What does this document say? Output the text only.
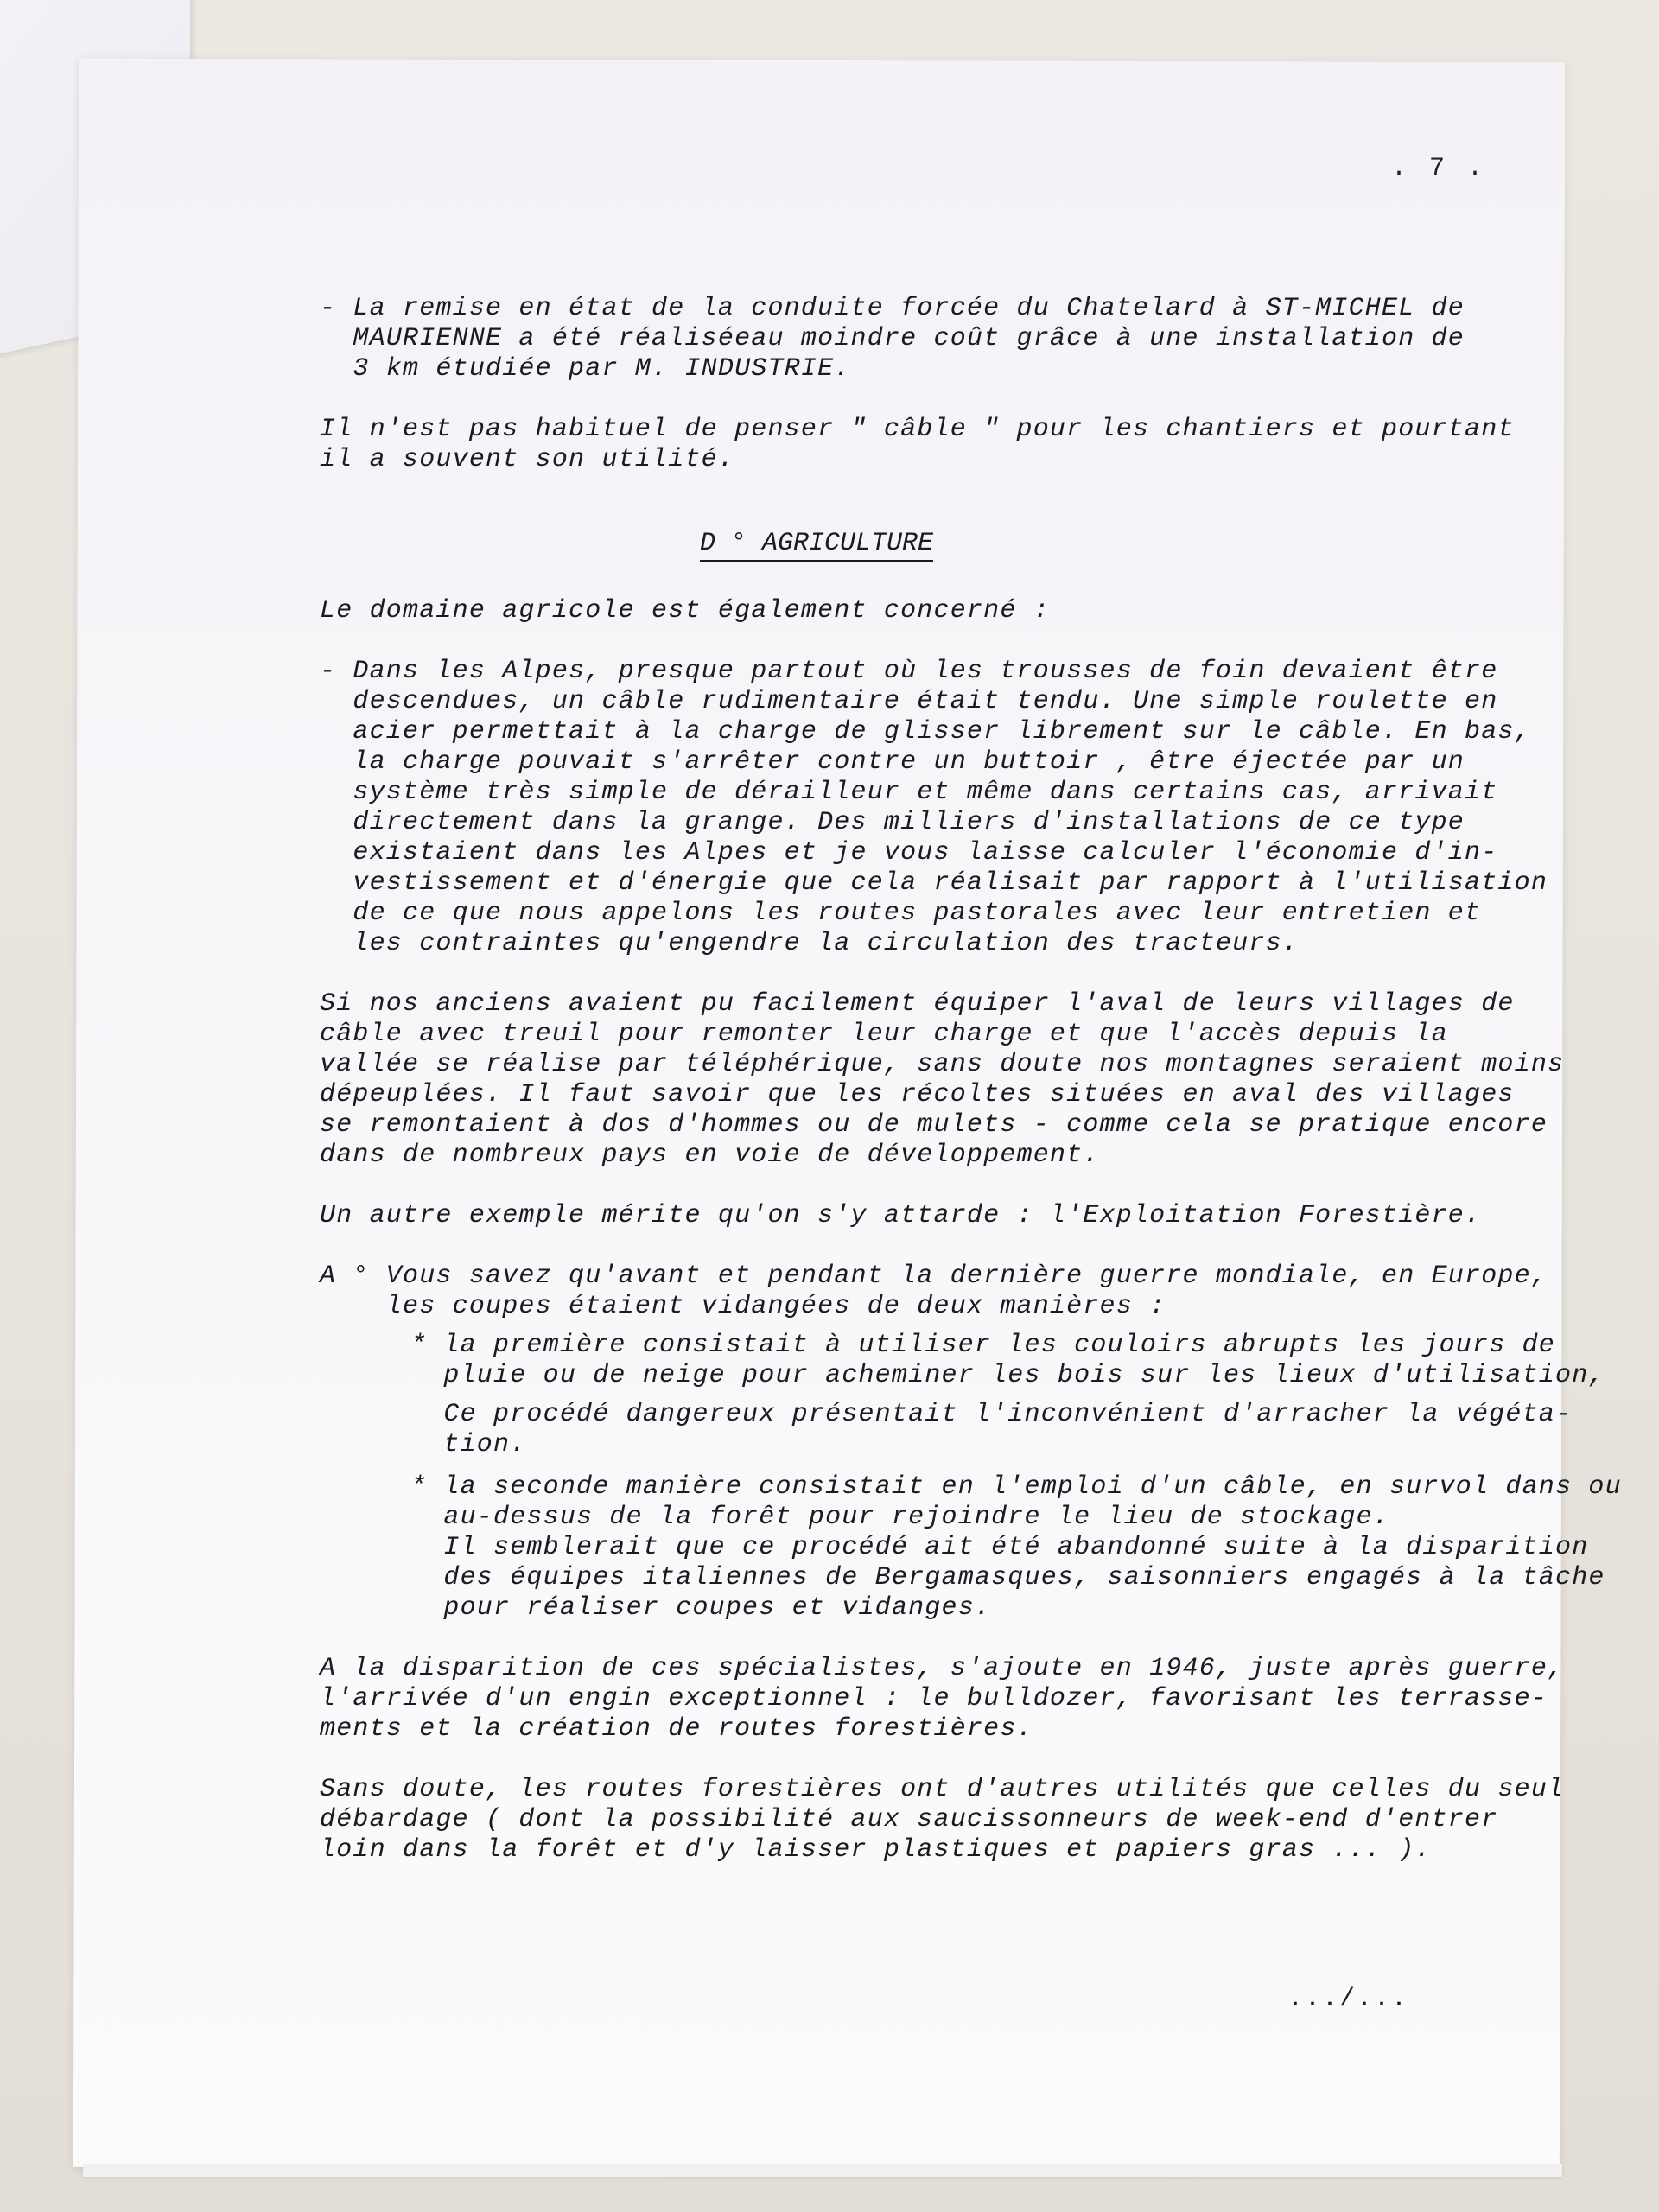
. 7 .
D ° AGRICULTURE

- La remise en état de la conduite forcée du Chatelard à ST-MICHEL de

MAURIENNE a été réaliséeau moindre coût grâce à une installation de

3 km étudiée par M. INDUSTRIE.

Il n'est pas habituel de penser " câble " pour les chantiers et pourtant

il a souvent son utilité.

Le domaine agricole est également concerné :

- Dans les Alpes, presque partout où les trousses de foin devaient être

descendues, un câble rudimentaire était tendu. Une simple roulette en

acier permettait à la charge de glisser librement sur le câble. En bas,

la charge pouvait s'arrêter contre un buttoir , être éjectée par un

système très simple de dérailleur et même dans certains cas, arrivait

directement dans la grange. Des milliers d'installations de ce type

existaient dans les Alpes et je vous laisse calculer l'économie d'in-

vestissement et d'énergie que cela réalisait par rapport à l'utilisation

de ce que nous appelons les routes pastorales avec leur entretien et

les contraintes qu'engendre la circulation des tracteurs.

Si nos anciens avaient pu facilement équiper l'aval de leurs villages de

câble avec treuil pour remonter leur charge et que l'accès depuis la

vallée se réalise par téléphérique, sans doute nos montagnes seraient moins

dépeuplées. Il faut savoir que les récoltes situées en aval des villages

se remontaient à dos d'hommes ou de mulets - comme cela se pratique encore

dans de nombreux pays en voie de développement.

Un autre exemple mérite qu'on s'y attarde : l'Exploitation Forestière.

A ° Vous savez qu'avant et pendant la dernière guerre mondiale, en Europe,

les coupes étaient vidangées de deux manières :

* la première consistait à utiliser les couloirs abrupts les jours de

pluie ou de neige pour acheminer les bois sur les lieux d'utilisation,

Ce procédé dangereux présentait l'inconvénient d'arracher la végéta-

tion.

* la seconde manière consistait en l'emploi d'un câble, en survol dans ou

au-dessus de la forêt pour rejoindre le lieu de stockage.

Il semblerait que ce procédé ait été abandonné suite à la disparition

des équipes italiennes de Bergamasques, saisonniers engagés à la tâche

pour réaliser coupes et vidanges.

A la disparition de ces spécialistes, s'ajoute en 1946, juste après guerre,

l'arrivée d'un engin exceptionnel : le bulldozer, favorisant les terrasse-

ments et la création de routes forestières.

Sans doute, les routes forestières ont d'autres utilités que celles du seul

débardage ( dont la possibilité aux saucissonneurs de week-end d'entrer

loin dans la forêt et d'y laisser plastiques et papiers gras ... ).

.../...
